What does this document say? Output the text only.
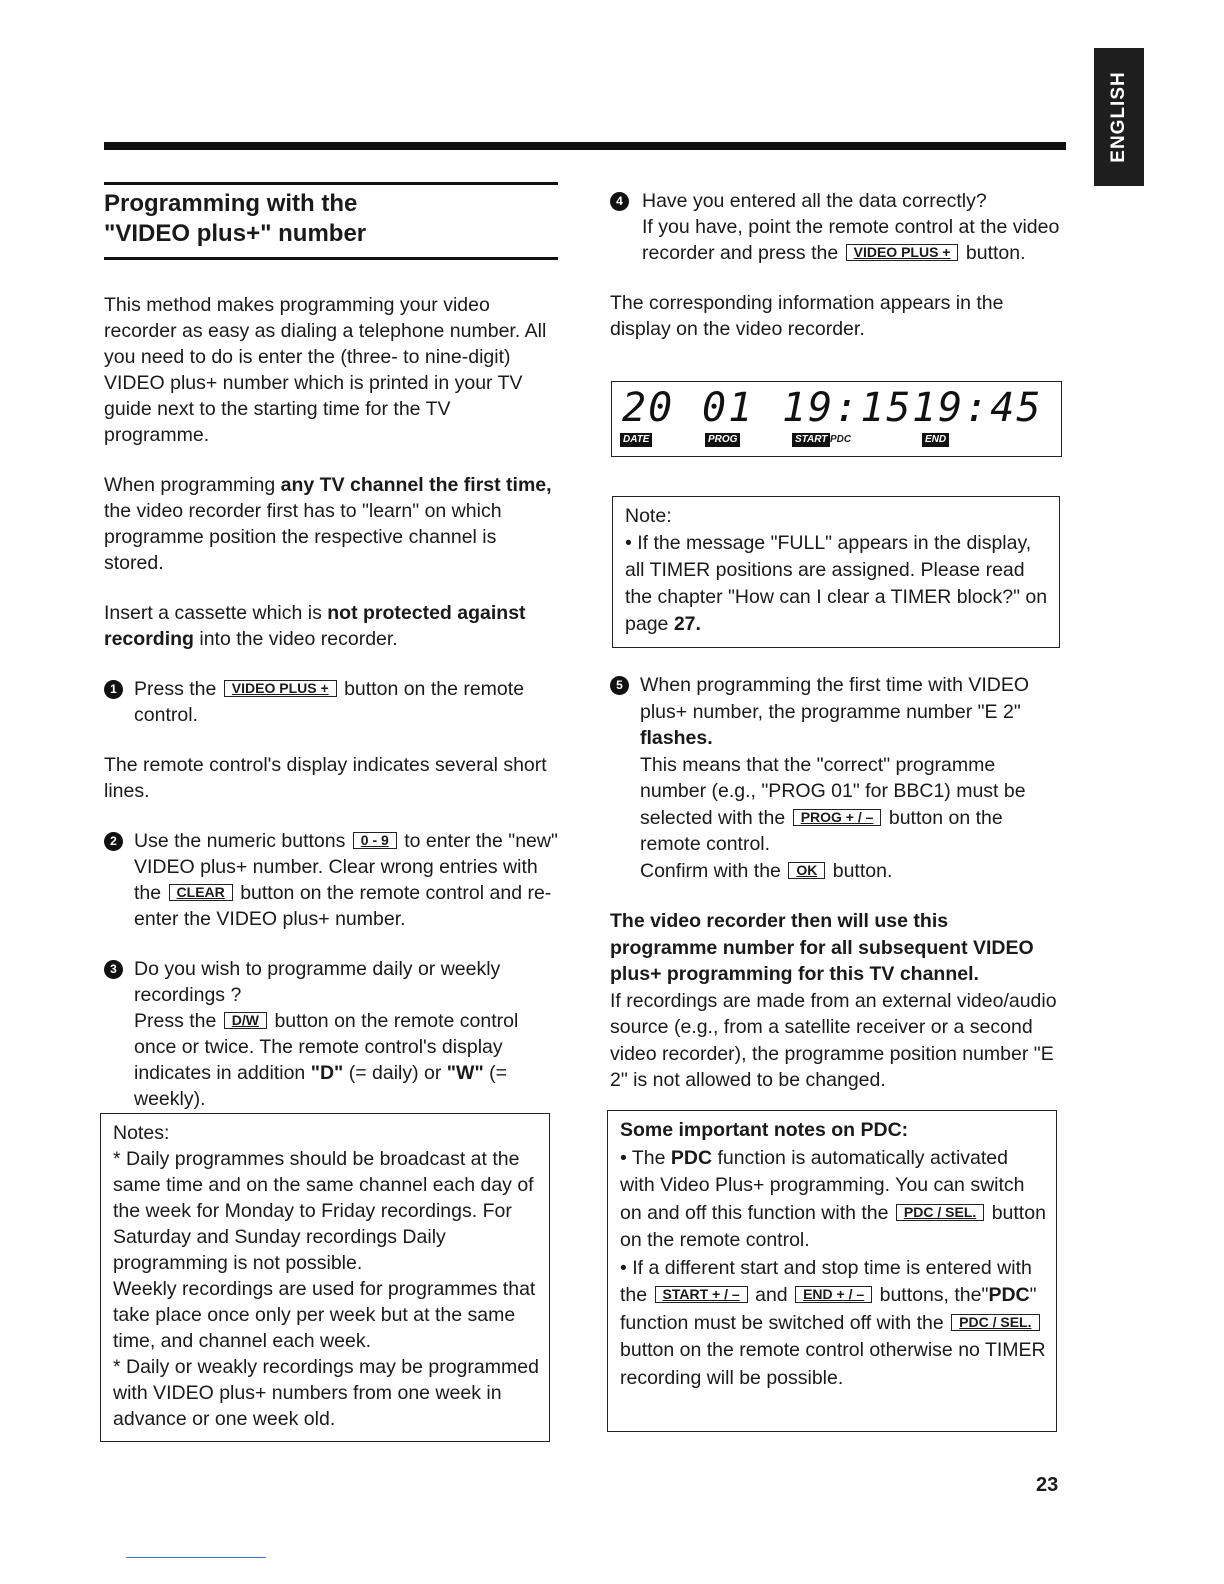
ENGLISH
Programming with the
"VIDEO plus+" number

This method makes programming your video recorder as easy as dialing a telephone number. All you need to do is enter the (three- to nine-digit) VIDEO plus+ number which is printed in your TV guide next to the starting time for the TV programme.

When programming any TV channel the first time, the video recorder first has to "learn" on which programme position the respective channel is stored.

Insert a cassette which is not protected against recording into the video recorder.

1 Press the VIDEO PLUS + button on the remote control.

The remote control's display indicates several short lines.

2 Use the numeric buttons 0 - 9 to enter the "new" VIDEO plus+ number. Clear wrong entries with the CLEAR button on the remote control and re-enter the VIDEO plus+ number.
3 Do you wish to programme daily or weekly recordings ?
Press the D/W button on the remote control once or twice. The remote control's display indicates in addition "D" (= daily) or "W" (= weekly).
Notes:
* Daily programmes should be broadcast at the same time and on the same channel each day of the week for Monday to Friday recordings. For Saturday and Sunday recordings Daily programming is not possible.
Weekly recordings are used for programmes that take place once only per week but at the same time, and channel each week.
* Daily or weakly recordings may be programmed with VIDEO plus+ numbers from one week in advance or one week old.
4 Have you entered all the data correctly?
If you have, point the remote control at the video recorder and press the VIDEO PLUS + button.

The corresponding information appears in the display on the video recorder.

20 01 19:15 19:45
DATE	PROG	START PDC	END
Note:
• If the message "FULL" appears in the display, all TIMER positions are assigned. Please read the chapter "How can I clear a TIMER block?" on page 27.
5 When programming the first time with VIDEO plus+ number, the programme number "E 2" flashes.
This means that the "correct" programme number (e.g., "PROG 01" for BBC1) must be selected with the PROG + / – button on the remote control.
Confirm with the OK button.

The video recorder then will use this programme number for all subsequent VIDEO plus+ programming for this TV channel.

If recordings are made from an external video/audio source (e.g., from a satellite receiver or a second video recorder), the programme position number "E 2" is not allowed to be changed.

Some important notes on PDC:
• The PDC function is automatically activated with Video Plus+ programming. You can switch on and off this function with the PDC / SEL. button on the remote control.
• If a different start and stop time is entered with the START + / – and END + / – buttons, the"PDC" function must be switched off with the PDC / SEL. button on the remote control otherwise no TIMER recording will be possible.
23
